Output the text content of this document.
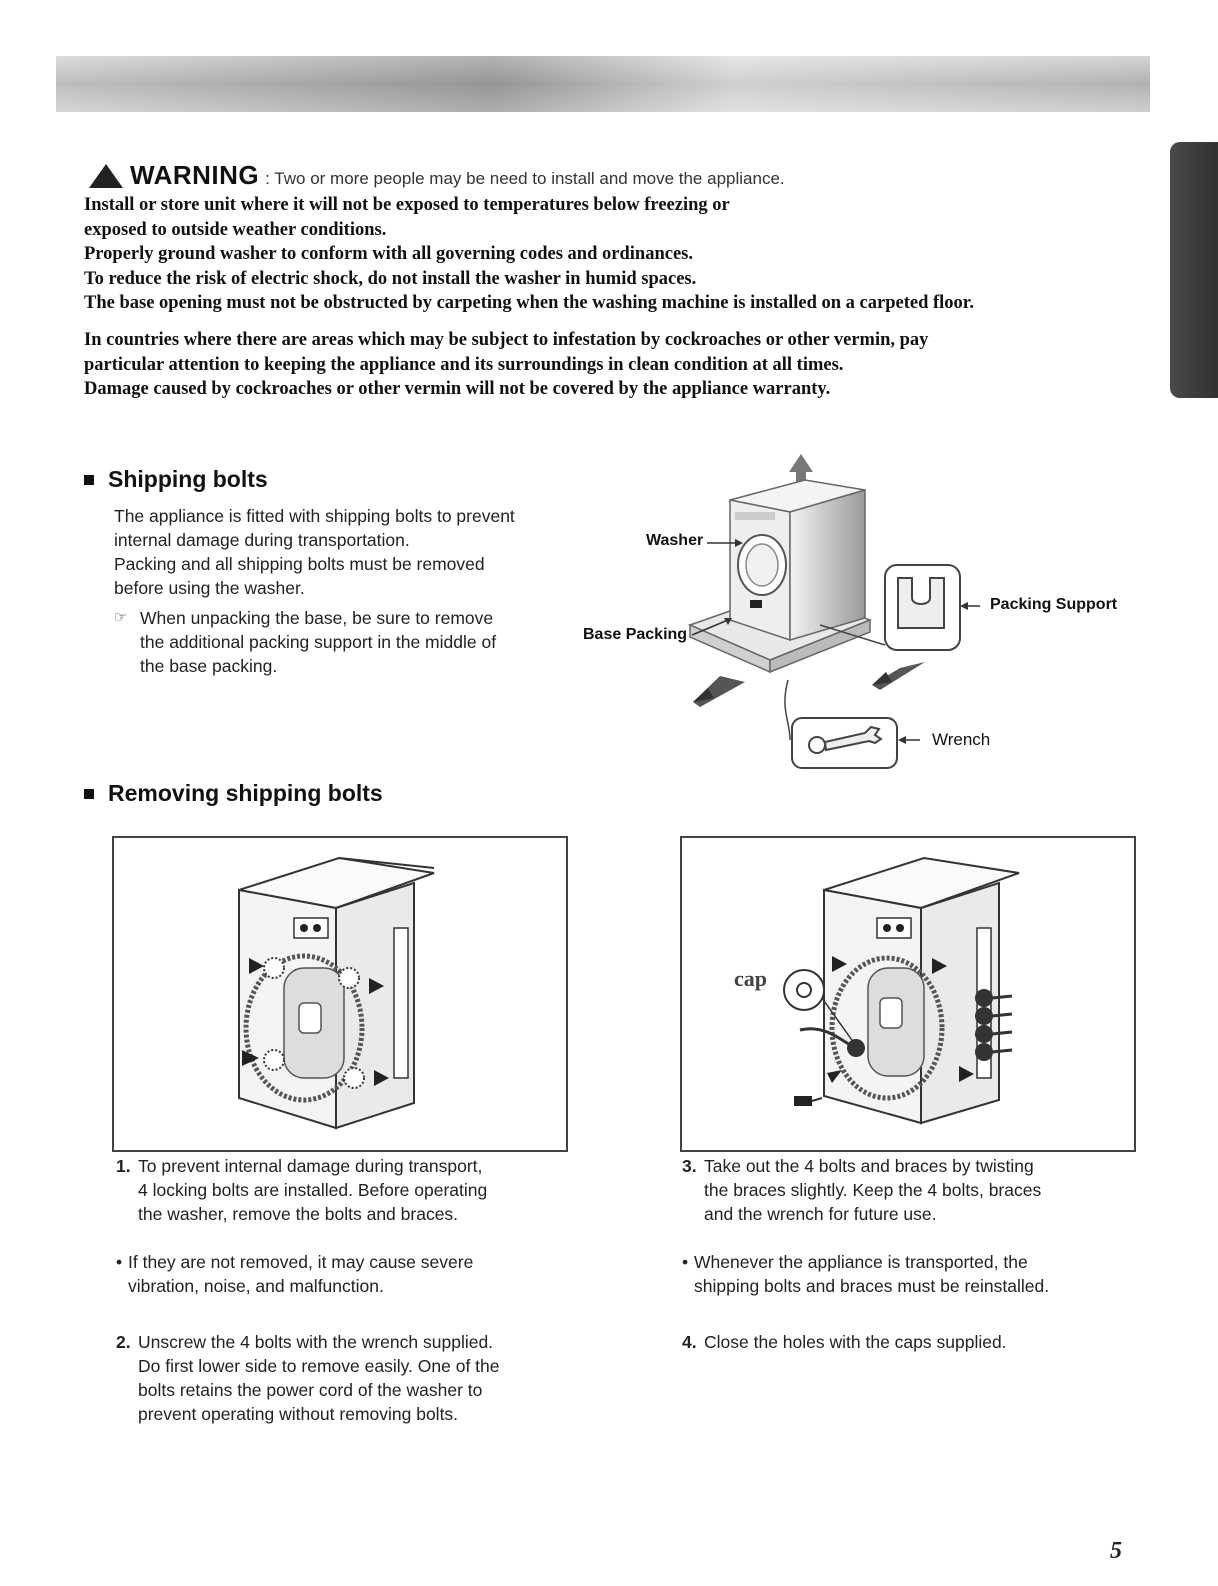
WARNING : Two or more people may be need to install and move the appliance.

Install or store unit where it will not be exposed to temperatures below freezing or

exposed to outside weather conditions.

Properly ground washer to conform with all governing codes and ordinances.

To reduce the risk of electric shock, do not install the washer in humid spaces.

The base opening must not be obstructed by carpeting when the washing machine is installed on a carpeted floor.

In countries where there are areas which may be subject to infestation by cockroaches or other vermin, pay

particular attention to keeping the appliance and its surroundings in clean condition at all times.

Damage caused by cockroaches or other vermin will not be covered by the appliance warranty.

Shipping bolts

The appliance is fitted with shipping bolts to prevent

internal damage during transportation.

Packing and all shipping bolts must be removed

before using the washer.

☞ When unpacking the base, be sure to remove

the additional packing support in the middle of

the base packing.

Washer
Base Packing
Packing Support
Wrench
Removing shipping bolts
cap
1. To prevent internal damage during transport,

4 locking bolts are installed. Before operating

the washer, remove the bolts and braces.

• If they are not removed, it may cause severe

vibration, noise, and malfunction.

2. Unscrew the 4 bolts with the wrench supplied.

Do first lower side to remove easily. One of the

bolts retains the power cord of the washer to

prevent operating without removing bolts.

3. Take out the 4 bolts and braces by twisting

the braces slightly. Keep the 4 bolts, braces

and the wrench for future use.

• Whenever the appliance is transported, the

shipping bolts and braces must be reinstalled.

4. Close the holes with the caps supplied.

5
